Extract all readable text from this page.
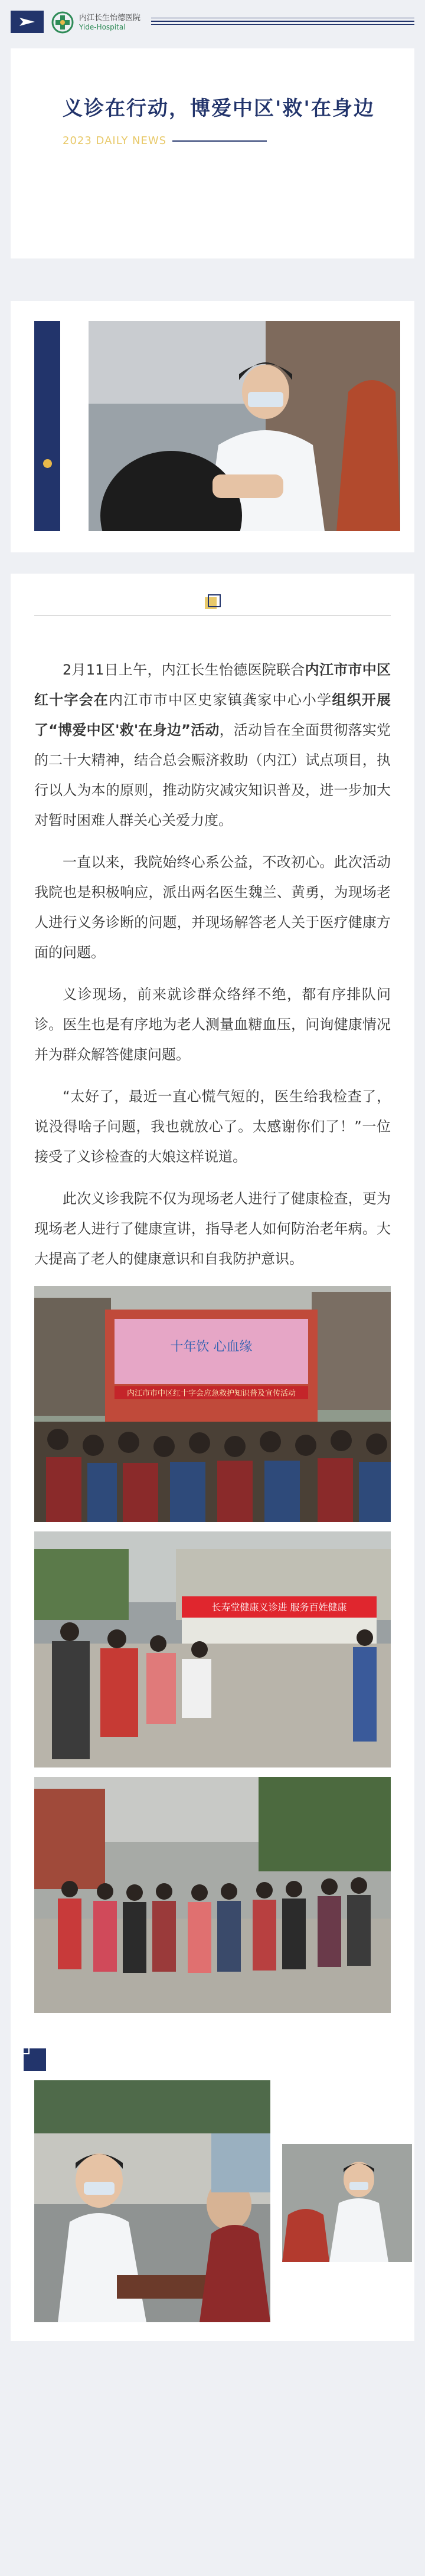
内江长生怡德医院
Yide-Hospital
义诊在行动，博爱中区'救'在身边
2023 DAILY NEWS

2月11日上午，内江长生怡德医院联合内江市市中区红十字会在内江市市中区史家镇龚家中心小学组织开展了“博爱中区'救'在身边”活动，活动旨在全面贯彻落实党的二十大精神，结合总会赈济救助（内江）试点项目，执行以人为本的原则，推动防灾减灾知识普及，进一步加大对暂时困难人群关心关爱力度。

一直以来，我院始终心系公益，不改初心。此次活动我院也是积极响应，派出两名医生魏兰、黄勇，为现场老人进行义务诊断的问题，并现场解答老人关于医疗健康方面的问题。

义诊现场，前来就诊群众络绎不绝，都有序排队问诊。医生也是有序地为老人测量血糖血压，问询健康情况并为群众解答健康问题。

“太好了，最近一直心慌气短的，医生给我检查了，说没得啥子问题，我也就放心了。太感谢你们了！”一位接受了义诊检查的大娘这样说道。

此次义诊我院不仅为现场老人进行了健康检查，更为现场老人进行了健康宣讲，指导老人如何防治老年病。大大提高了老人的健康意识和自我防护意识。

十年饮 心血缘
内江市市中区红十字会应急救护知识普及宣传活动
长寿堂健康义诊进 服务百姓健康
